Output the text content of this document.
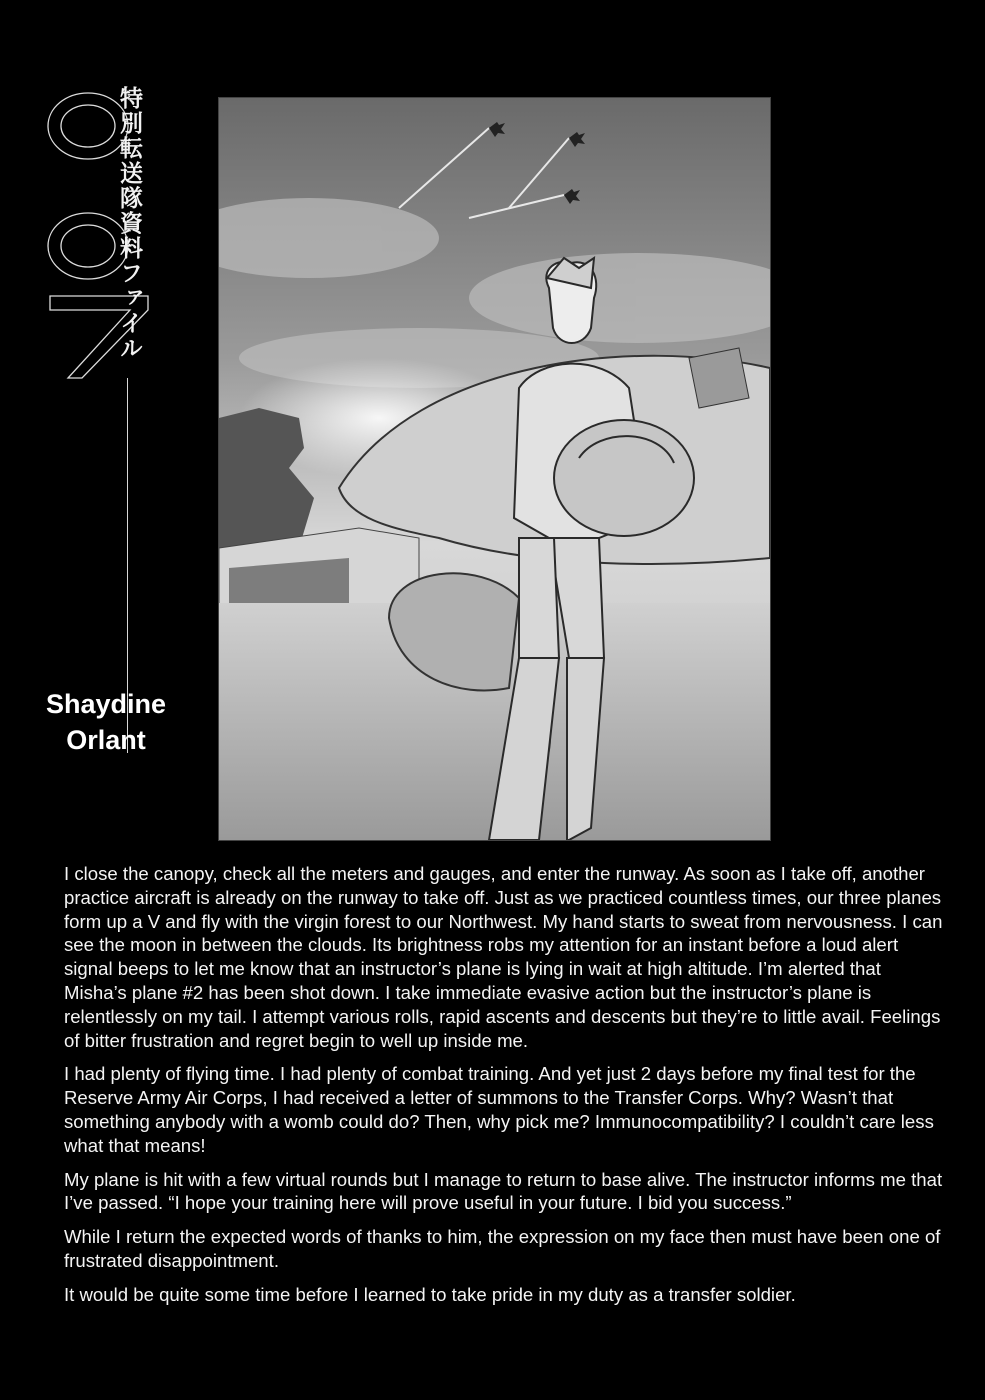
特別転送隊資料ファイル
Shaydine
Orlant

I close the canopy, check all the meters and gauges, and enter the runway. As soon as I take off, another practice aircraft is already on the runway to take off. Just as we practiced countless times, our three planes form up a V and fly with the virgin forest to our Northwest. My hand starts to sweat from nervousness. I can see the moon in between the clouds. Its brightness robs my attention for an instant before a loud alert signal beeps to let me know that an instructor’s plane is lying in wait at high altitude. I’m alerted that Misha’s plane #2 has been shot down. I take immediate evasive action but the instructor’s plane is relentlessly on my tail. I attempt various rolls, rapid ascents and descents but they’re to little avail. Feelings of bitter frustration and regret begin to well up inside me.

I had plenty of flying time. I had plenty of combat training. And yet just 2 days before my final test for the Reserve Army Air Corps, I had received a letter of summons to the Transfer Corps. Why? Wasn’t that something anybody with a womb could do? Then, why pick me? Immunocompatibility? I couldn’t care less what that means!

My plane is hit with a few virtual rounds but I manage to return to base alive. The instructor informs me that I’ve passed. “I hope your training here will prove useful in your future. I bid you success.”

While I return the expected words of thanks to him, the expression on my face then must have been one of frustrated disappointment.

It would be quite some time before I learned to take pride in my duty as a transfer soldier.
